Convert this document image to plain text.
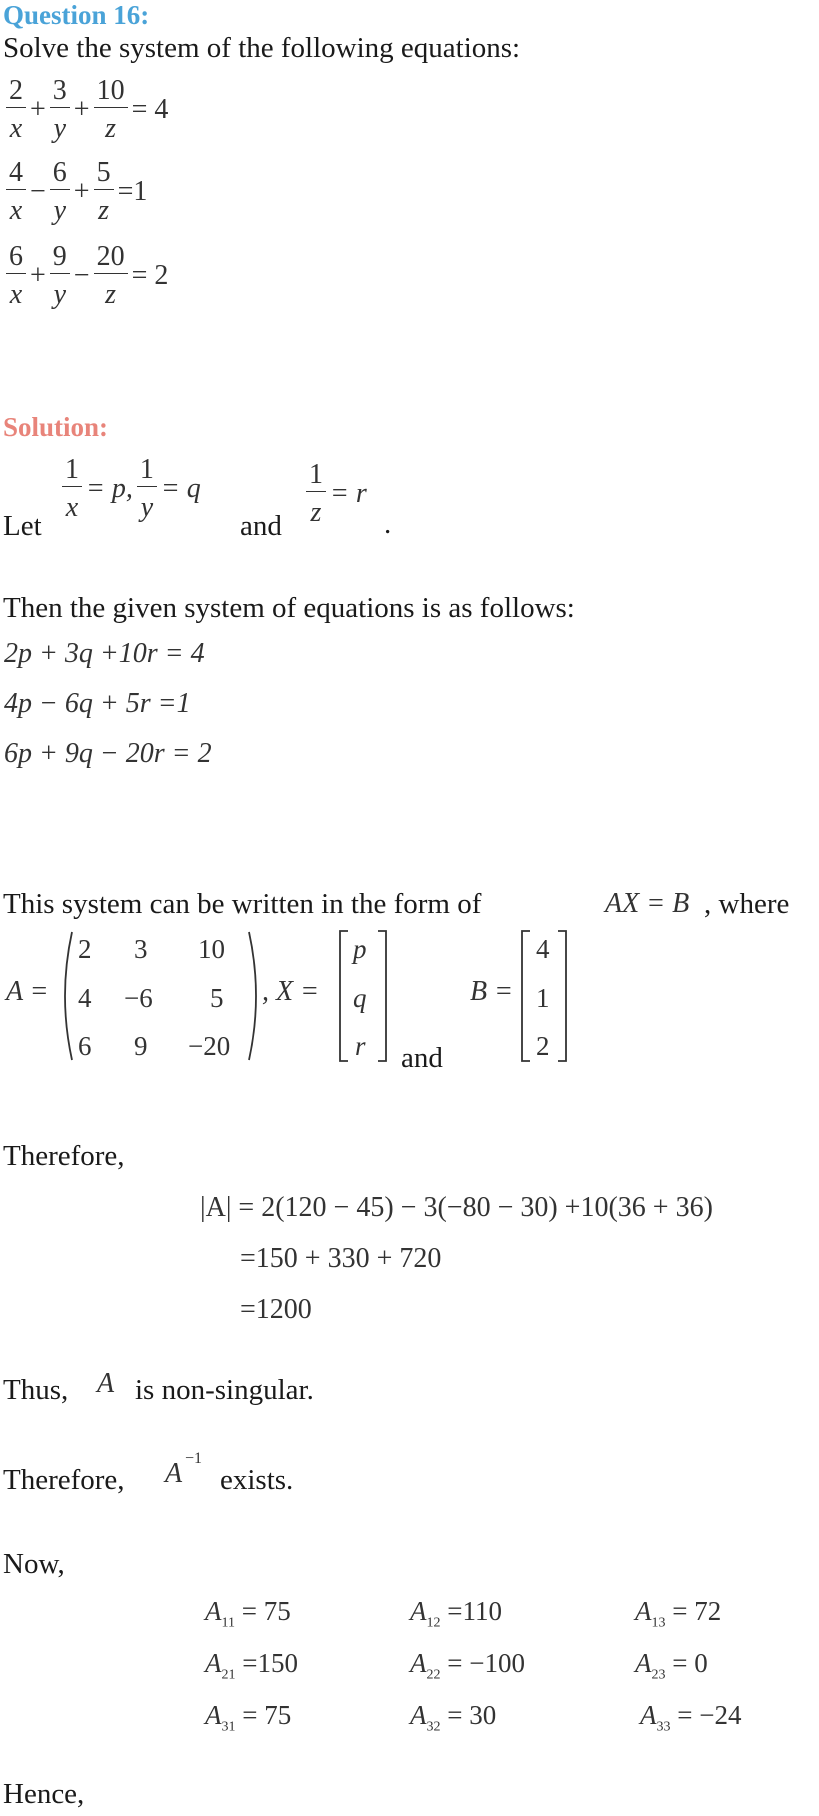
Question 16:
Solve the system of the following equations:
$\frac{2}{x} + \frac{3}{y} + \frac{10}{z} = 4$
$\frac{4}{x} - \frac{6}{y} + \frac{5}{z} =1$
$\frac{6}{x} + \frac{9}{y} - \frac{20}{z} = 2$
Solution:
Let
$\frac{1}{x} = p$, $\frac{1}{y} = q$
and $\frac{1}{z} = r$
.
Then the given system of equations is as follows:
2p + 3q +10r = 4
4p − 6q + 5r =1
6p + 9q − 20r = 2
This system can be written in the form of	AX = B , where
A =
2 3 10
4 −6 5
6 9 −20
, X =
p
q
r and
B =
4
1
2
Therefore,
|A| = 2(120 − 45) − 3(−80 − 30) +10(36 + 36)
=150 + 330 + 720
=1200
Thus, A is non-singular.
Therefore, A −1
exists.
Now,
$A_{11} = 75$	$A_{12} =110$	$A_{13} = 72$
$A_{21} =150$	$A_{22} = -100$	$A_{23} = 0$
$A_{31} = 75$	$A_{32} = 30$	$A_{33} = -24$
Hence,
